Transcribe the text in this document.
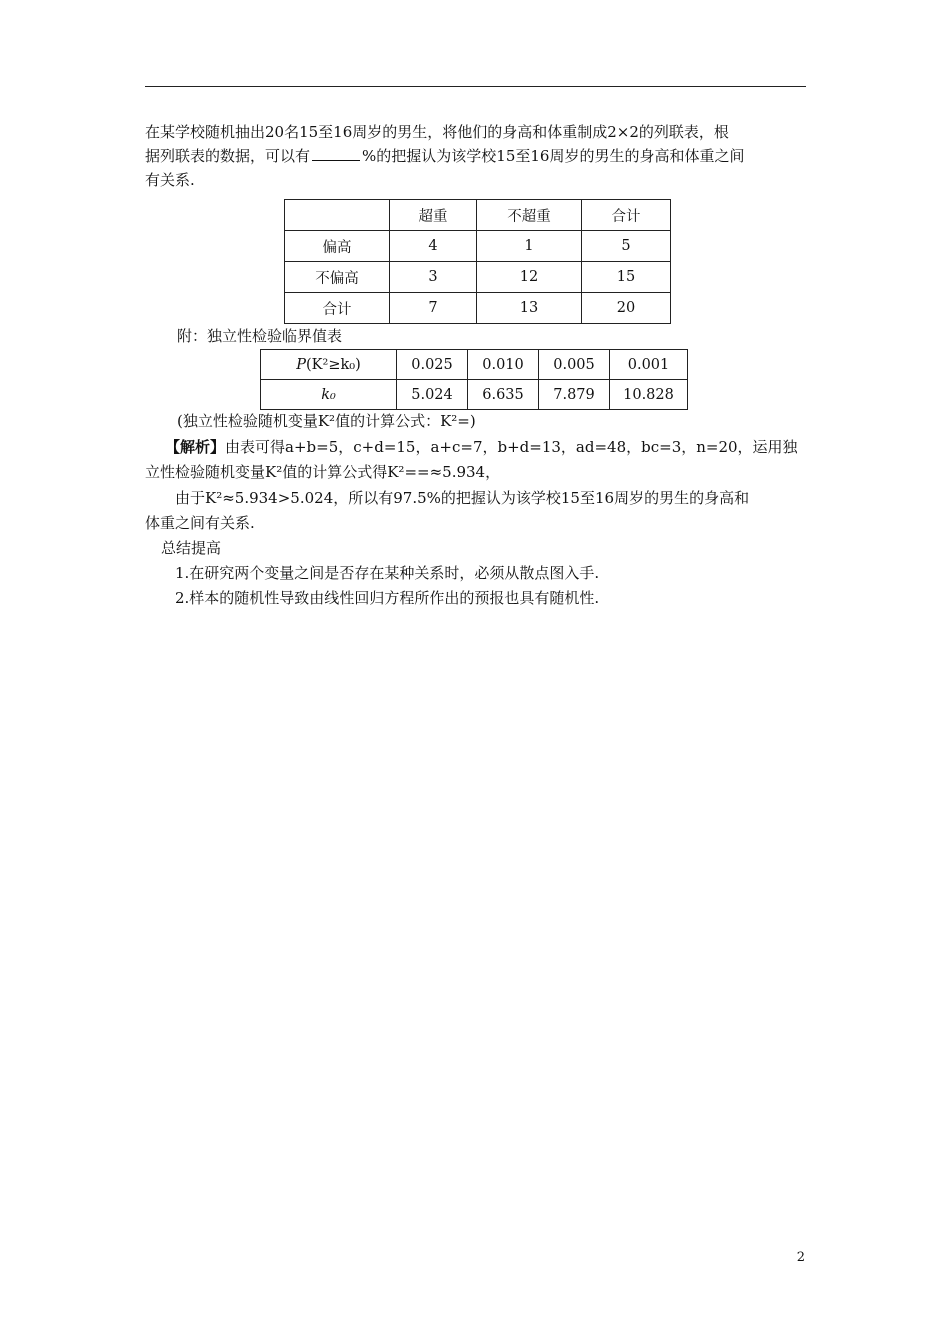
在某学校随机抽出20名15至16周岁的男生，将他们的身高和体重制成2×2的列联表，根

据列联表的数据，可以有	%的把握认为该学校15至16周岁的男生的身高和体重之间

有关系.

	超重	不超重	合计
偏高	4	1	5
不偏高	3	12	15
合计	7	13	20

附：独立性检验临界值表

P(K²≥k₀)	0.025	0.010	0.005	0.001
k₀	5.024	6.635	7.879	10.828

(独立性检验随机变量K²值的计算公式：K²=)

【解析】由表可得a+b=5，c+d=15，a+c=7，b+d=13，ad=48，bc=3，n=20，运用独

立性检验随机变量K²值的计算公式得K²==≈5.934，

由于K²≈5.934>5.024，所以有97.5%的把握认为该学校15至16周岁的男生的身高和

体重之间有关系.

总结提高

1.在研究两个变量之间是否存在某种关系时，必须从散点图入手.

2.样本的随机性导致由线性回归方程所作出的预报也具有随机性.

2
